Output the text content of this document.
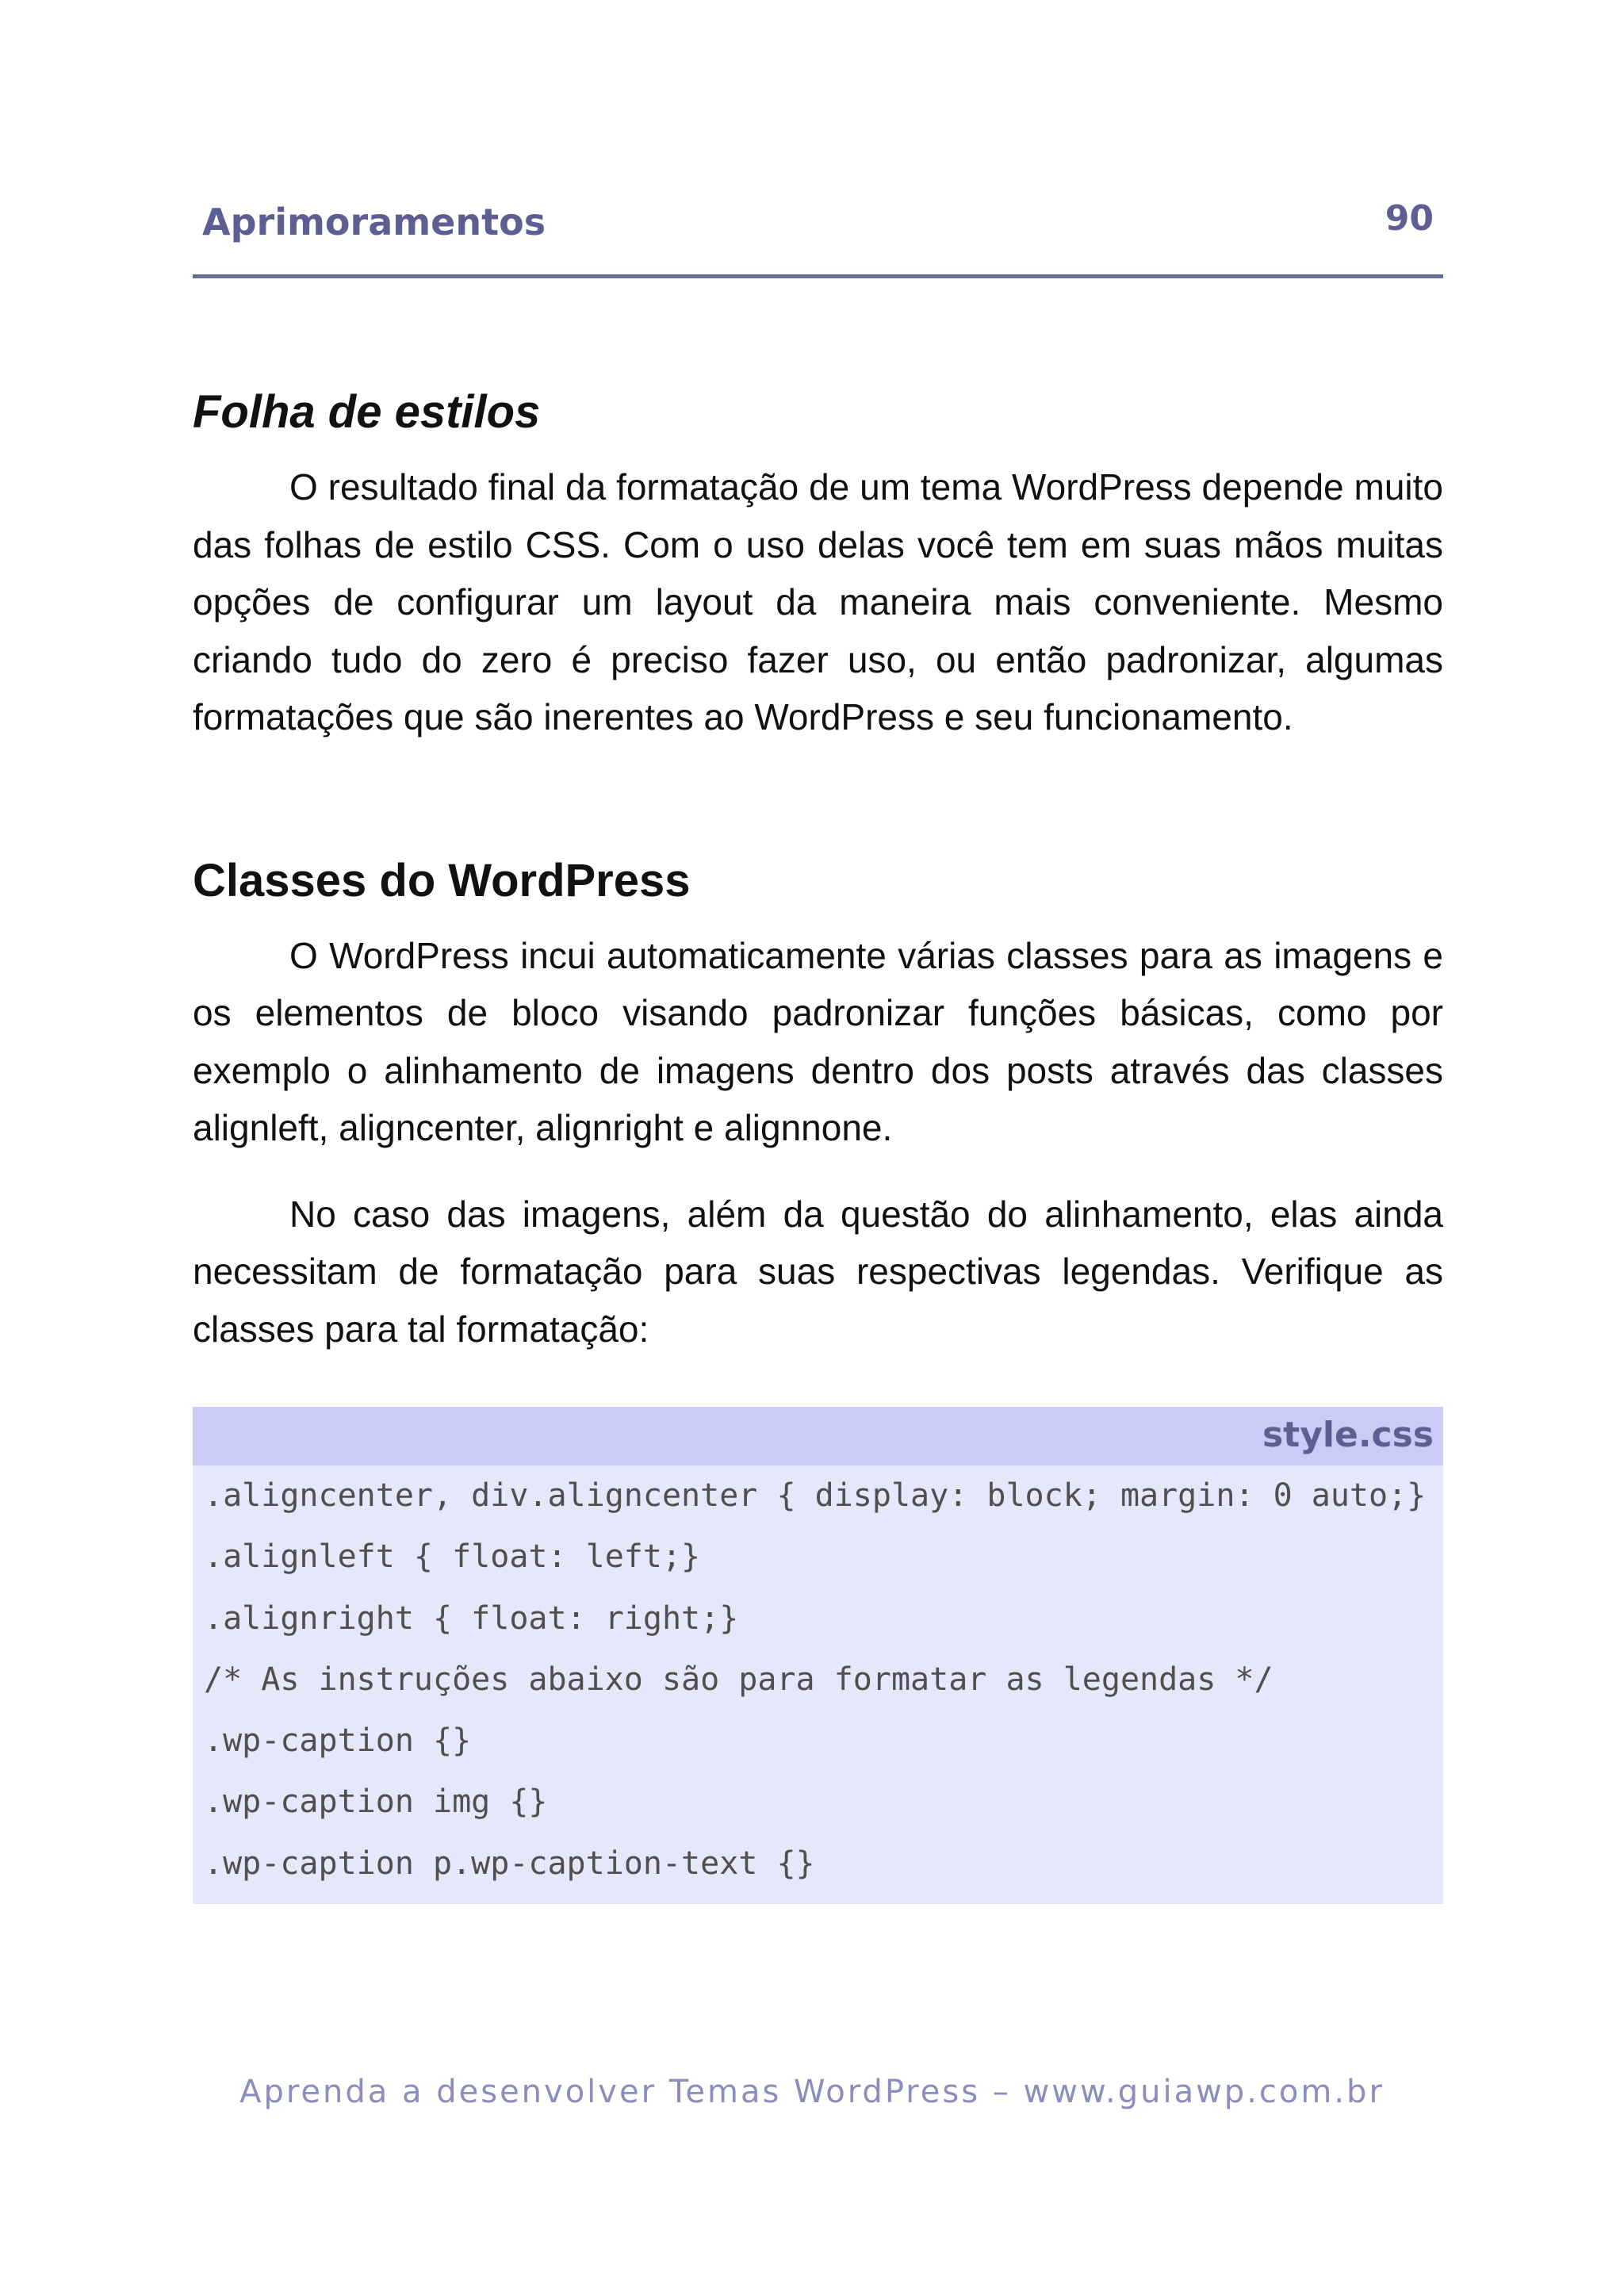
Aprimoramentos	90
Folha de estilos

O resultado final da formatação de um tema WordPress depende muito das folhas de estilo CSS. Com o uso delas você tem em suas mãos muitas opções de configurar um layout da maneira mais conveniente. Mesmo criando tudo do zero é preciso fazer uso, ou então padronizar, algumas formatações que são inerentes ao WordPress e seu funcionamento.

Classes do WordPress

O WordPress incui automaticamente várias classes para as imagens e os elementos de bloco visando padronizar funções básicas, como por exemplo o alinhamento de imagens dentro dos posts através das classes alignleft, aligncenter, alignright e alignnone.

No caso das imagens, além da questão do alinhamento, elas ainda necessitam de formatação para suas respectivas legendas. Verifique as classes para tal formatação:

style.css
.aligncenter, div.aligncenter { display: block; margin: 0 auto;}
.alignleft { float: left;}
.alignright { float: right;}
/* As instruções abaixo são para formatar as legendas */
.wp-caption {}
.wp-caption img {}
.wp-caption p.wp-caption-text {}
Aprenda a desenvolver Temas WordPress – www.guiawp.com.br
